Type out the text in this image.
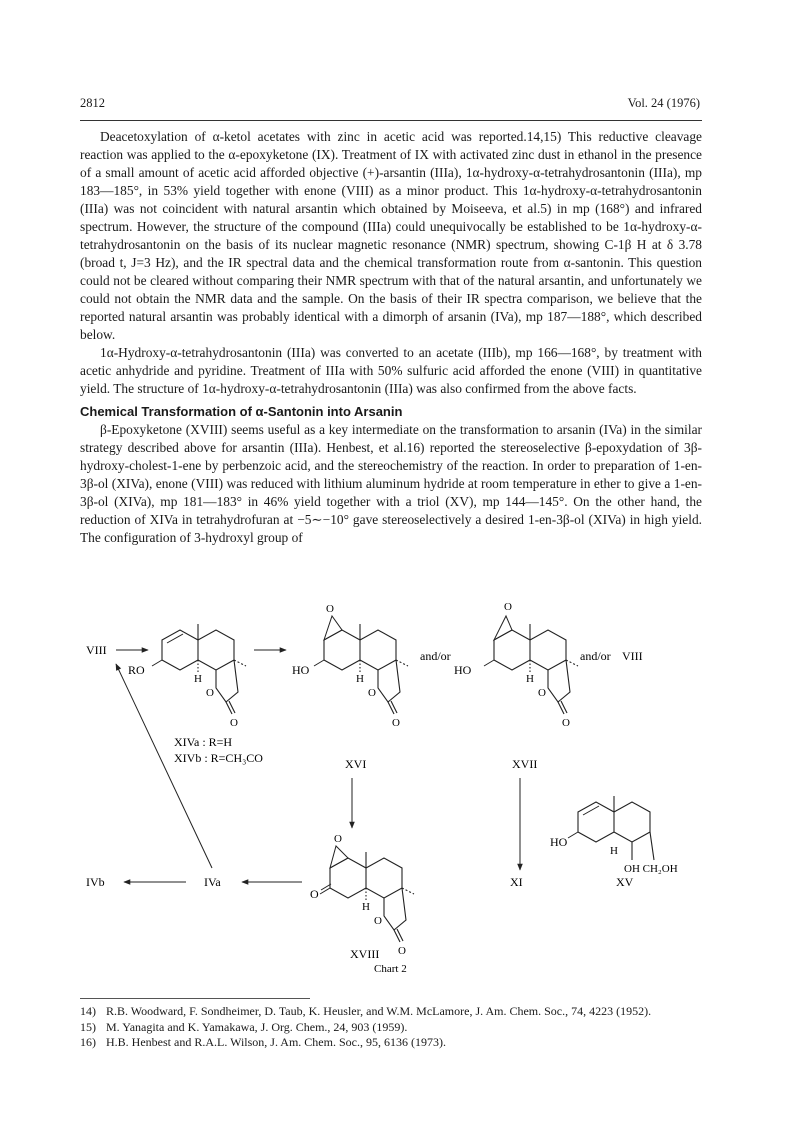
2812	Vol. 24 (1976)

Deacetoxylation of α-ketol acetates with zinc in acetic acid was reported.14,15) This reductive cleavage reaction was applied to the α-epoxyketone (IX). Treatment of IX with activated zinc dust in ethanol in the presence of a small amount of acetic acid afforded objective (+)-arsantin (IIIa), 1α-hydroxy-α-tetrahydrosantonin (IIIa), mp 183—185°, in 53% yield together with enone (VIII) as a minor product. This 1α-hydroxy-α-tetrahydrosantonin (IIIa) was not coincident with natural arsantin which obtained by Moiseeva, et al.5) in mp (168°) and infrared spectrum. However, the structure of the compound (IIIa) could unequivocally be established to be 1α-hydroxy-α-tetrahydrosantonin on the basis of its nuclear magnetic resonance (NMR) spectrum, showing C-1β H at δ 3.78 (broad t, J=3 Hz), and the IR spectral data and the chemical transformation route from α-santonin. This question could not be cleared without comparing their NMR spectrum with that of the natural arsantin, and unfortunately we could not obtain the NMR data and the sample. On the basis of their IR spectra comparison, we believe that the reported natural arsantin was probably identical with a dimorph of arsanin (IVa), mp 187—188°, which described below.

1α-Hydroxy-α-tetrahydrosantonin (IIIa) was converted to an acetate (IIIb), mp 166—168°, by treatment with acetic anhydride and pyridine. Treatment of IIIa with 50% sulfuric acid afforded the enone (VIII) in quantitative yield. The structure of 1α-hydroxy-α-tetrahydrosantonin (IIIa) was also confirmed from the above facts.

Chemical Transformation of α-Santonin into Arsanin

β-Epoxyketone (XVIII) seems useful as a key intermediate on the transformation to arsanin (IVa) in the similar strategy described above for arsantin (IIIa). Henbest, et al.16) reported the stereoselective β-epoxydation of 3β-hydroxy-cholest-1-ene by perbenzoic acid, and the stereochemistry of the reaction. In order to preparation of 1-en-3β-ol (XIVa), enone (VIII) was reduced with lithium aluminum hydride at room temperature in ether to give a 1-en-3β-ol (XIVa), mp 181—183° in 46% yield together with a triol (XV), mp 144—145°. On the other hand, the reduction of XIVa in tetrahydrofuran at −5∼−10° gave stereoselectively a desired 1-en-3β-ol (XIVa) in high yield. The configuration of 3-hydroxyl group of

VIII
RO
H
O
O
XIVa : R=H
XIVb : R=CH₃CO
O
HO
H
O
O
XVI
and/or
O
HO
H
O
O
XVII
and/or VIII
HO
H
OH CH₂OH
IVb	IVa
O
O
H
O
O
XI	XV
XVIII
Chart 2
14) R.B. Woodward, F. Sondheimer, D. Taub, K. Heusler, and W.M. McLamore, J. Am. Chem. Soc., 74, 4223 (1952).
15) M. Yanagita and K. Yamakawa, J. Org. Chem., 24, 903 (1959).
16) H.B. Henbest and R.A.L. Wilson, J. Am. Chem. Soc., 95, 6136 (1973).
